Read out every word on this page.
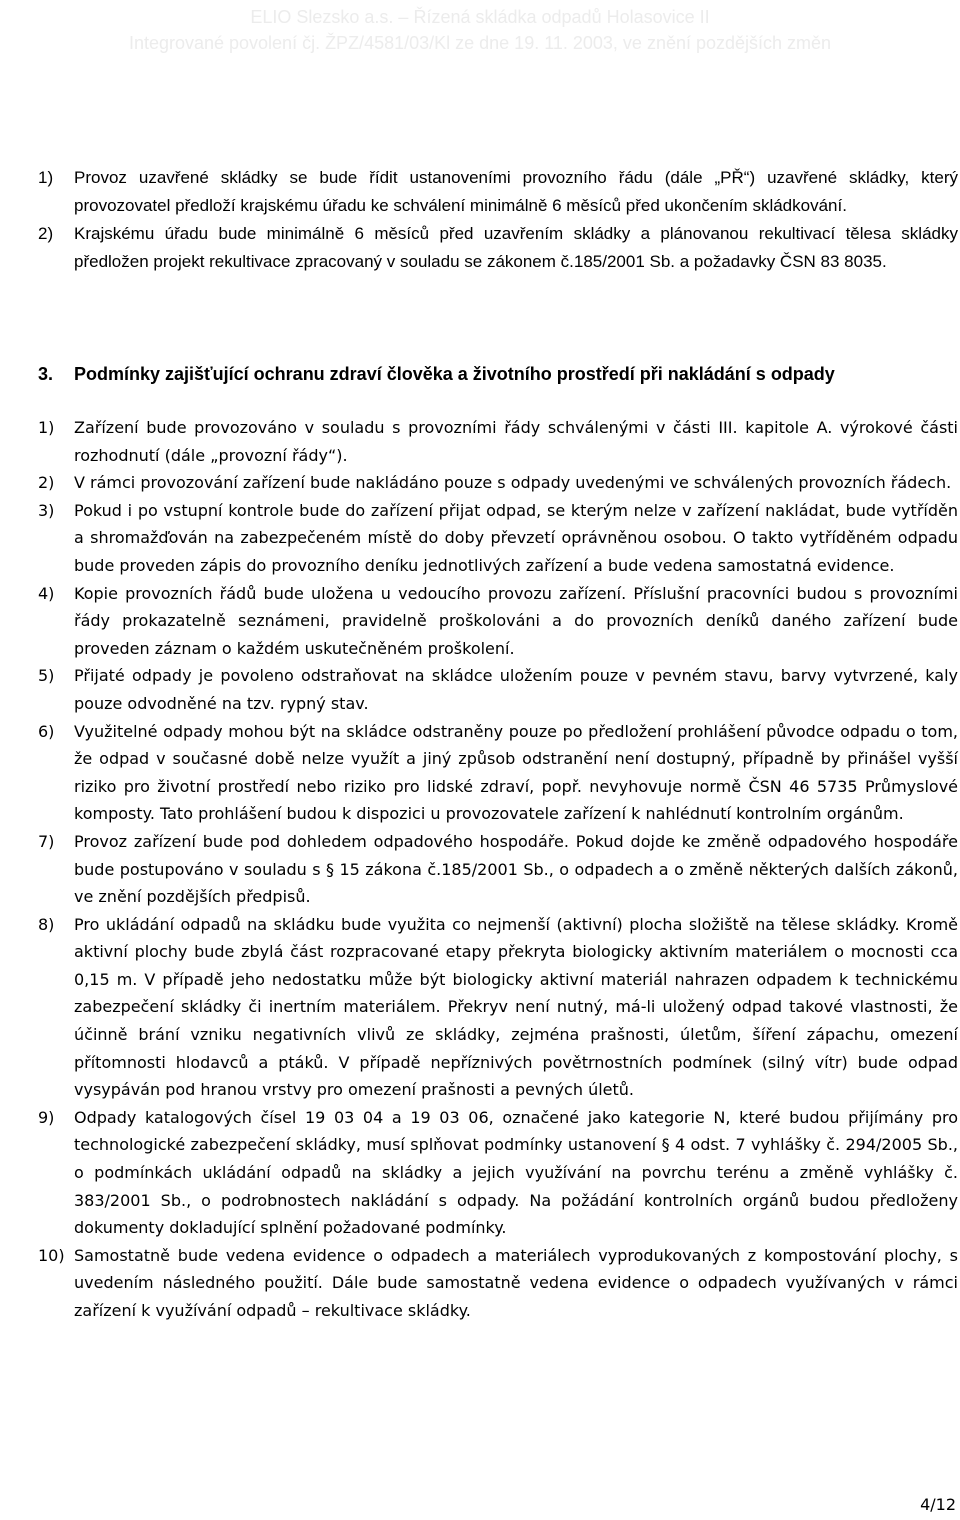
ELIO Slezsko a.s. – Řízená skládka odpadů Holasovice II
Integrované povolení čj. ŽPZ/4581/03/Kl ze dne 19. 11. 2003, ve znění pozdějších změn
1) Provoz uzavřené skládky se bude řídit ustanoveními provozního řádu (dále „PŘ“) uzavřené skládky, který provozovatel předloží krajskému úřadu ke schválení minimálně 6 měsíců před ukončením skládkování.
2) Krajskému úřadu bude minimálně 6 měsíců před uzavřením skládky a plánovanou rekultivací tělesa skládky předložen projekt rekultivace zpracovaný v souladu se zákonem č.185/2001 Sb. a požadavky ČSN 83 8035.
3. Podmínky zajišťující ochranu zdraví člověka a životního prostředí při nakládání s odpady
1) Zařízení bude provozováno v souladu s provozními řády schválenými v části III. kapitole A. výrokové části rozhodnutí (dále „provozní řády“).
2) V rámci provozování zařízení bude nakládáno pouze s odpady uvedenými ve schválených provozních řádech.
3) Pokud i po vstupní kontrole bude do zařízení přijat odpad, se kterým nelze v zařízení nakládat, bude vytříděn a shromažďován na zabezpečeném místě do doby převzetí oprávněnou osobou. O takto vytříděném odpadu bude proveden zápis do provozního deníku jednotlivých zařízení a bude vedena samostatná evidence.
4) Kopie provozních řádů bude uložena u vedoucího provozu zařízení. Příslušní pracovníci budou s provozními řády prokazatelně seznámeni, pravidelně proškolováni a do provozních deníků daného zařízení bude proveden záznam o každém uskutečněném proškolení.
5) Přijaté odpady je povoleno odstraňovat na skládce uložením pouze v pevném stavu, barvy vytvrzené, kaly pouze odvodněné na tzv. rypný stav.
6) Využitelné odpady mohou být na skládce odstraněny pouze po předložení prohlášení původce odpadu o tom, že odpad v současné době nelze využít a jiný způsob odstranění není dostupný, případně by přinášel vyšší riziko pro životní prostředí nebo riziko pro lidské zdraví, popř. nevyhovuje normě ČSN 46 5735 Průmyslové komposty. Tato prohlášení budou k dispozici u provozovatele zařízení k nahlédnutí kontrolním orgánům.
7) Provoz zařízení bude pod dohledem odpadového hospodáře. Pokud dojde ke změně odpadového hospodáře bude postupováno v souladu s § 15 zákona č.185/2001 Sb., o odpadech a o změně některých dalších zákonů, ve znění pozdějších předpisů.
8) Pro ukládání odpadů na skládku bude využita co nejmenší (aktivní) plocha složiště na tělese skládky. Kromě aktivní plochy bude zbylá část rozpracované etapy překryta biologicky aktivním materiálem o mocnosti cca 0,15 m. V případě jeho nedostatku může být biologicky aktivní materiál nahrazen odpadem k technickému zabezpečení skládky či inertním materiálem. Překryv není nutný, má-li uložený odpad takové vlastnosti, že účinně brání vzniku negativních vlivů ze skládky, zejména prašnosti, úletům, šíření zápachu, omezení přítomnosti hlodavců a ptáků. V případě nepříznivých povětrnostních podmínek (silný vítr) bude odpad vysypáván pod hranou vrstvy pro omezení prašnosti a pevných úletů.
9) Odpady katalogových čísel 19 03 04 a 19 03 06, označené jako kategorie N, které budou přijímány pro technologické zabezpečení skládky, musí splňovat podmínky ustanovení § 4 odst. 7 vyhlášky č. 294/2005 Sb., o podmínkách ukládání odpadů na skládky a jejich využívání na povrchu terénu a změně vyhlášky č. 383/2001 Sb., o podrobnostech nakládání s odpady. Na požádání kontrolních orgánů budou předloženy dokumenty dokladující splnění požadované podmínky.
10) Samostatně bude vedena evidence o odpadech a materiálech vyprodukovaných z kompostování plochy, s uvedením následného použití. Dále bude samostatně vedena evidence o odpadech využívaných v rámci zařízení k využívání odpadů – rekultivace skládky.
4/12
